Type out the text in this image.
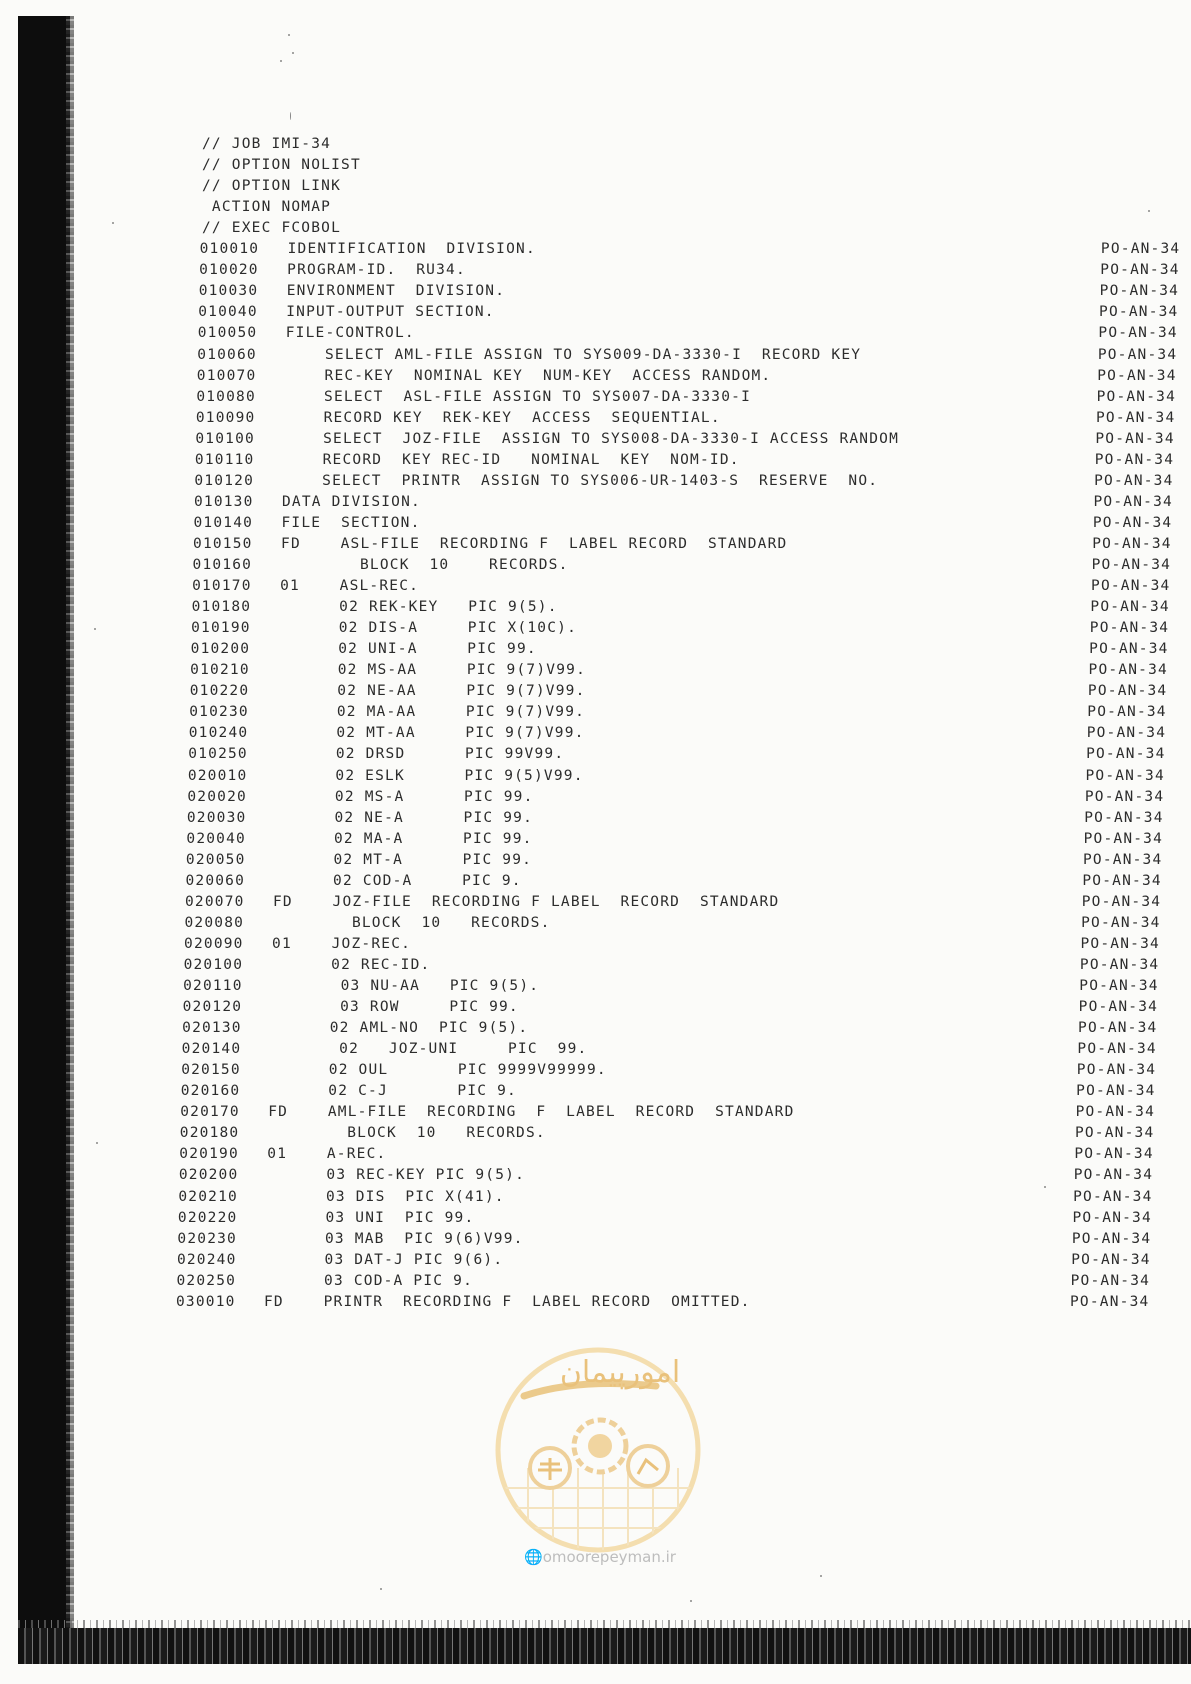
// JOB IMI-34
// OPTION NOLIST
// OPTION LINK
ACTION NOMAP
// EXEC FCOBOL
010010 IDENTIFICATION  DIVISION.	PO-AN-34
010020 PROGRAM-ID.  RU34.	PO-AN-34
010030 ENVIRONMENT  DIVISION.	PO-AN-34
010040 INPUT-OUTPUT SECTION.	PO-AN-34
010050 FILE-CONTROL.	PO-AN-34
010060 SELECT AML-FILE ASSIGN TO SYS009-DA-3330-I  RECORD KEY	PO-AN-34
010070 REC-KEY  NOMINAL KEY  NUM-KEY  ACCESS RANDOM.	PO-AN-34
010080 SELECT  ASL-FILE ASSIGN TO SYS007-DA-3330-I	PO-AN-34
010090 RECORD KEY  REK-KEY  ACCESS  SEQUENTIAL.	PO-AN-34
010100 SELECT  JOZ-FILE  ASSIGN TO SYS008-DA-3330-I ACCESS RANDOM	PO-AN-34
010110 RECORD  KEY REC-ID   NOMINAL  KEY  NOM-ID.	PO-AN-34
010120 SELECT  PRINTR  ASSIGN TO SYS006-UR-1403-S  RESERVE  NO.	PO-AN-34
010130 DATA DIVISION.	PO-AN-34
010140 FILE  SECTION.	PO-AN-34
010150 FD    ASL-FILE  RECORDING F  LABEL RECORD  STANDARD	PO-AN-34
010160 BLOCK  10    RECORDS.	PO-AN-34
010170 01    ASL-REC.	PO-AN-34
010180 02 REK-KEY   PIC 9(5).	PO-AN-34
010190 02 DIS-A     PIC X(10C).	PO-AN-34
010200 02 UNI-A     PIC 99.	PO-AN-34
010210 02 MS-AA     PIC 9(7)V99.	PO-AN-34
010220 02 NE-AA     PIC 9(7)V99.	PO-AN-34
010230 02 MA-AA     PIC 9(7)V99.	PO-AN-34
010240 02 MT-AA     PIC 9(7)V99.	PO-AN-34
010250 02 DRSD      PIC 99V99.	PO-AN-34
020010 02 ESLK      PIC 9(5)V99.	PO-AN-34
020020 02 MS-A      PIC 99.	PO-AN-34
020030 02 NE-A      PIC 99.	PO-AN-34
020040 02 MA-A      PIC 99.	PO-AN-34
020050 02 MT-A      PIC 99.	PO-AN-34
020060 02 COD-A     PIC 9.	PO-AN-34
020070 FD    JOZ-FILE  RECORDING F LABEL  RECORD  STANDARD	PO-AN-34
020080 BLOCK  10   RECORDS.	PO-AN-34
020090 01    JOZ-REC.	PO-AN-34
020100 02 REC-ID.	PO-AN-34
020110 03 NU-AA   PIC 9(5).	PO-AN-34
020120 03 ROW     PIC 99.	PO-AN-34
020130 02 AML-NO  PIC 9(5).	PO-AN-34
020140 02   JOZ-UNI     PIC  99.	PO-AN-34
020150 02 OUL       PIC 9999V99999.	PO-AN-34
020160 02 C-J       PIC 9.	PO-AN-34
020170 FD    AML-FILE  RECORDING  F  LABEL  RECORD  STANDARD	PO-AN-34
020180 BLOCK  10   RECORDS.	PO-AN-34
020190 01    A-REC.	PO-AN-34
020200 03 REC-KEY PIC 9(5).	PO-AN-34
020210 03 DIS  PIC X(41).	PO-AN-34
020220 03 UNI  PIC 99.	PO-AN-34
020230 03 MAB  PIC 9(6)V99.	PO-AN-34
020240 03 DAT-J PIC 9(6).	PO-AN-34
020250 03 COD-A PIC 9.	PO-AN-34
030010 FD    PRINTR  RECORDING F  LABEL RECORD  OMITTED.	PO-AN-34
امورپیمان
🌐omoorepeyman.ir
